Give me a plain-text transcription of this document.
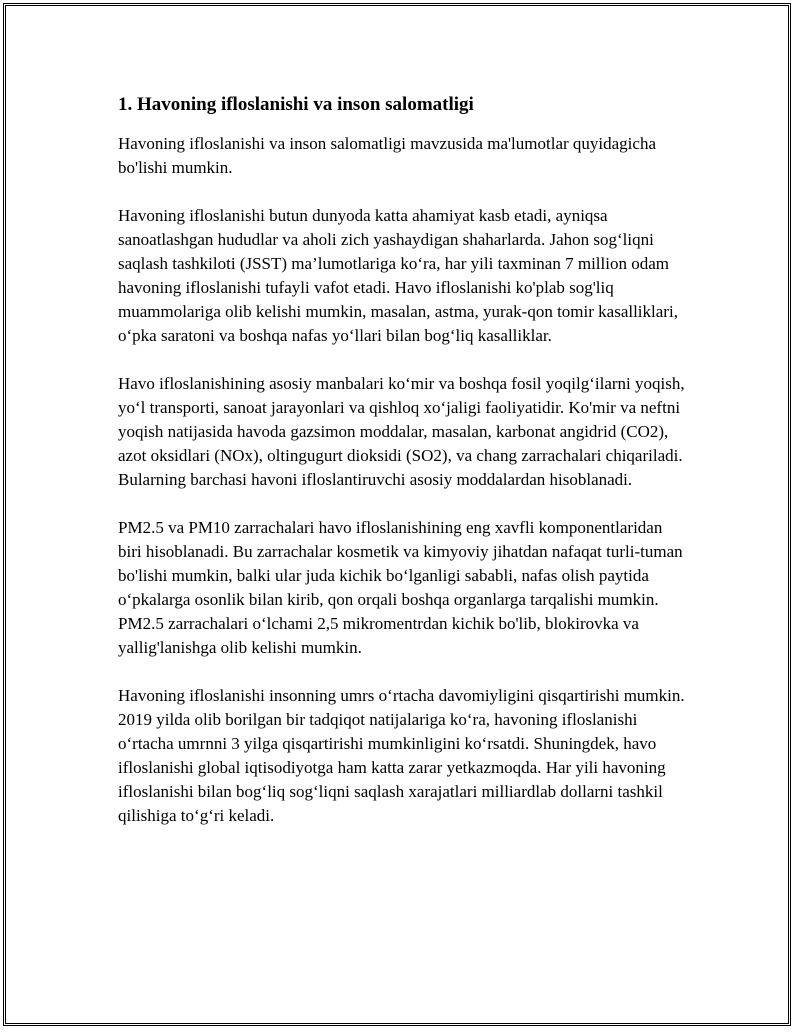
1. Havoning ifloslanishi va inson salomatligi

Havoning ifloslanishi va inson salomatligi mavzusida ma'lumotlar quyidagicha bo'lishi mumkin.

Havoning ifloslanishi butun dunyoda katta ahamiyat kasb etadi, ayniqsa sanoatlashgan hududlar va aholi zich yashaydigan shaharlarda. Jahon sog‘liqni saqlash tashkiloti (JSST) ma’lumotlariga ko‘ra, har yili taxminan 7 million odam havoning ifloslanishi tufayli vafot etadi. Havo ifloslanishi ko'plab sog'liq muammolariga olib kelishi mumkin, masalan, astma, yurak-qon tomir kasalliklari, o‘pka saratoni va boshqa nafas yo‘llari bilan bog‘liq kasalliklar.

Havo ifloslanishining asosiy manbalari ko‘mir va boshqa fosil yoqilg‘ilarni yoqish, yo‘l transporti, sanoat jarayonlari va qishloq xo‘jaligi faoliyatidir. Ko'mir va neftni yoqish natijasida havoda gazsimon moddalar, masalan, karbonat angidrid (CO2), azot oksidlari (NOx), oltingugurt dioksidi (SO2), va chang zarrachalari chiqariladi. Bularning barchasi havoni ifloslantiruvchi asosiy moddalardan hisoblanadi.

PM2.5 va PM10 zarrachalari havo ifloslanishining eng xavfli komponentlaridan biri hisoblanadi. Bu zarrachalar kosmetik va kimyoviy jihatdan nafaqat turli-tuman bo'lishi mumkin, balki ular juda kichik bo‘lganligi sababli, nafas olish paytida o‘pkalarga osonlik bilan kirib, qon orqali boshqa organlarga tarqalishi mumkin. PM2.5 zarrachalari o‘lchami 2,5 mikromentrdan kichik bo'lib, blokirovka va yallig'lanishga olib kelishi mumkin.

Havoning ifloslanishi insonning umrs o‘rtacha davomiyligini qisqartirishi mumkin. 2019 yilda olib borilgan bir tadqiqot natijalariga ko‘ra, havoning ifloslanishi o‘rtacha umrnni 3 yilga qisqartirishi mumkinligini ko‘rsatdi. Shuningdek, havo ifloslanishi global iqtisodiyotga ham katta zarar yetkazmoqda. Har yili havoning ifloslanishi bilan bog‘liq sog‘liqni saqlash xarajatlari milliardlab dollarni tashkil qilishiga to‘g‘ri keladi.
